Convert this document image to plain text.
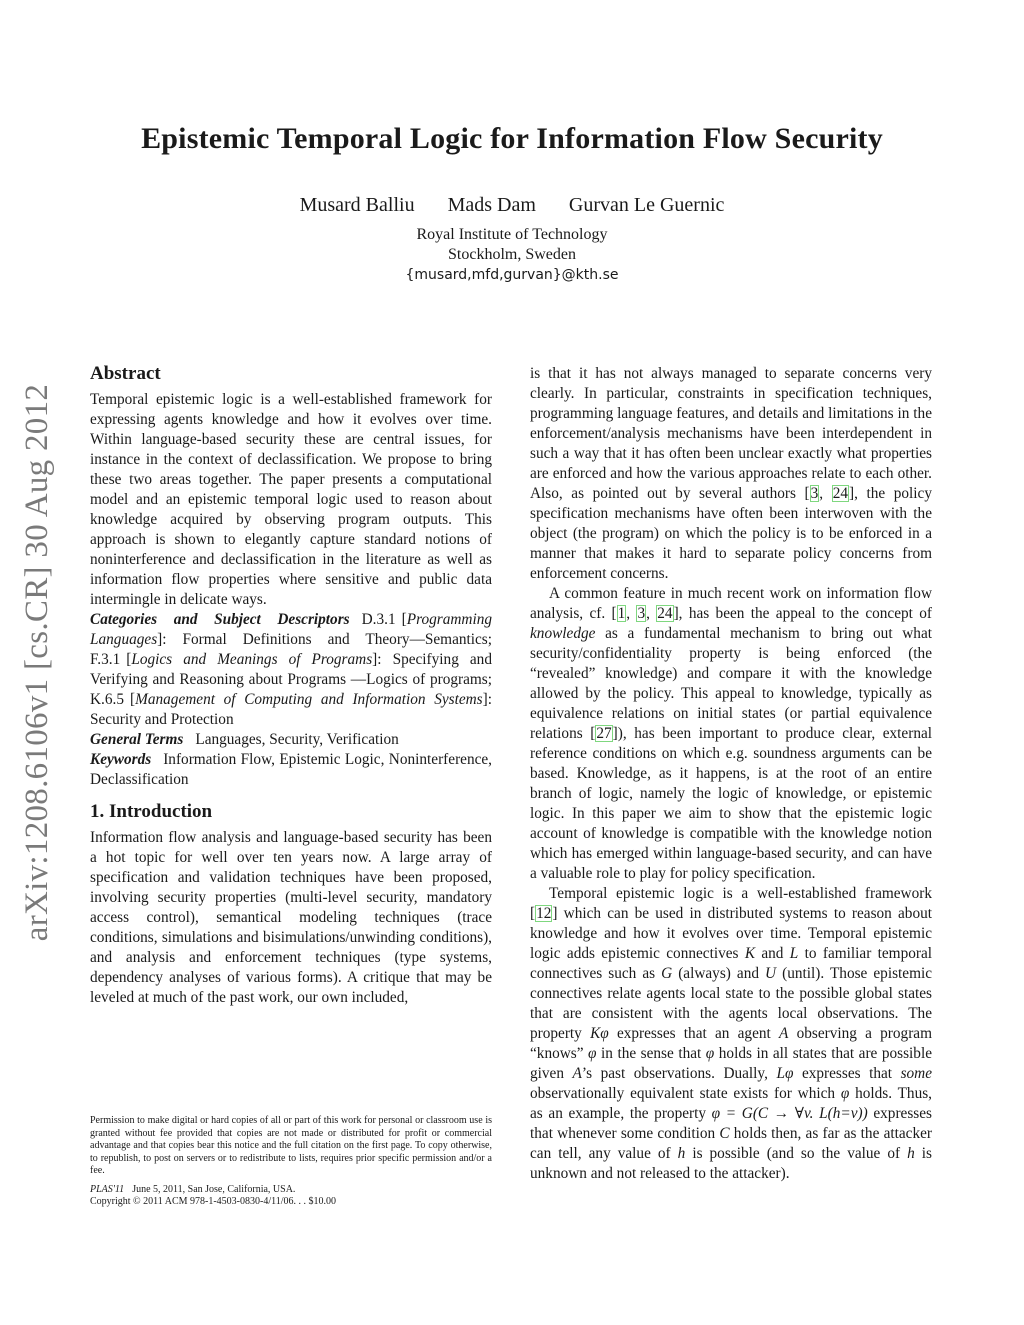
arXiv:1208.6106v1 [cs.CR] 30 Aug 2012
Epistemic Temporal Logic for Information Flow Security
Musard Balliu Mads Dam Gurvan Le Guernic
Royal Institute of Technology
Stockholm, Sweden
{musard,mfd,gurvan}@kth.se
Abstract

Temporal epistemic logic is a well-established framework for expressing agents knowledge and how it evolves over time. Within language-based security these are central issues, for instance in the context of declassification. We propose to bring these two areas together. The paper presents a computational model and an epistemic temporal logic used to reason about knowledge acquired by observing program outputs. This approach is shown to elegantly capture standard notions of noninterference and declassification in the literature as well as information flow properties where sensitive and public data intermingle in delicate ways.

Categories and Subject Descriptors D.3.1 [Programming Languages]: Formal Definitions and Theory—Semantics; F.3.1 [Logics and Meanings of Programs]: Specifying and Verifying and Reasoning about Programs —Logics of programs; K.6.5 [Management of Computing and Information Systems]: Security and Protection

General Terms Languages, Security, Verification

Keywords Information Flow, Epistemic Logic, Noninterference, Declassification

1. Introduction

Information flow analysis and language-based security has been a hot topic for well over ten years now. A large array of specification and validation techniques have been proposed, involving security properties (multi-level security, mandatory access control), semantical modeling techniques (trace conditions, simulations and bisimulations/unwinding conditions), and analysis and enforcement techniques (type systems, dependency analyses of various forms). A critique that may be leveled at much of the past work, our own included,

Permission to make digital or hard copies of all or part of this work for personal or classroom use is granted without fee provided that copies are not made or distributed for profit or commercial advantage and that copies bear this notice and the full citation on the first page. To copy otherwise, to republish, to post on servers or to redistribute to lists, requires prior specific permission and/or a fee.
PLAS'11 June 5, 2011, San Jose, California, USA.
Copyright © 2011 ACM 978-1-4503-0830-4/11/06. . . $10.00

is that it has not always managed to separate concerns very clearly. In particular, constraints in specification techniques, programming language features, and details and limitations in the enforcement/analysis mechanisms have been interdependent in such a way that it has often been unclear exactly what properties are enforced and how the various approaches relate to each other. Also, as pointed out by several authors [3, 24], the policy specification mechanisms have often been interwoven with the object (the program) on which the policy is to be enforced in a manner that makes it hard to separate policy concerns from enforcement concerns.

A common feature in much recent work on information flow analysis, cf. [1, 3, 24], has been the appeal to the concept of knowledge as a fundamental mechanism to bring out what security/confidentiality property is being enforced (the “revealed” knowledge) and compare it with the knowledge allowed by the policy. This appeal to knowledge, typically as equivalence relations on initial states (or partial equivalence relations [27]), has been important to produce clear, external reference conditions on which e.g. soundness arguments can be based. Knowledge, as it happens, is at the root of an entire branch of logic, namely the logic of knowledge, or epistemic logic. In this paper we aim to show that the epistemic logic account of knowledge is compatible with the knowledge notion which has emerged within language-based security, and can have a valuable role to play for policy specification.

Temporal epistemic logic is a well-established framework [12] which can be used in distributed systems to reason about knowledge and how it evolves over time. Temporal epistemic logic adds epistemic connectives K and L to familiar temporal connectives such as G (always) and U (until). Those epistemic connectives relate agents local state to the possible global states that are consistent with the agents local observations. The property Kφ expresses that an agent A observing a program “knows” φ in the sense that φ holds in all states that are possible given A’s past observations. Dually, Lφ expresses that some observationally equivalent state exists for which φ holds. Thus, as an example, the property φ = G(C → ∀v. L(h=v)) expresses that whenever some condition C holds then, as far as the attacker can tell, any value of h is possible (and so the value of h is unknown and not released to the attacker).
